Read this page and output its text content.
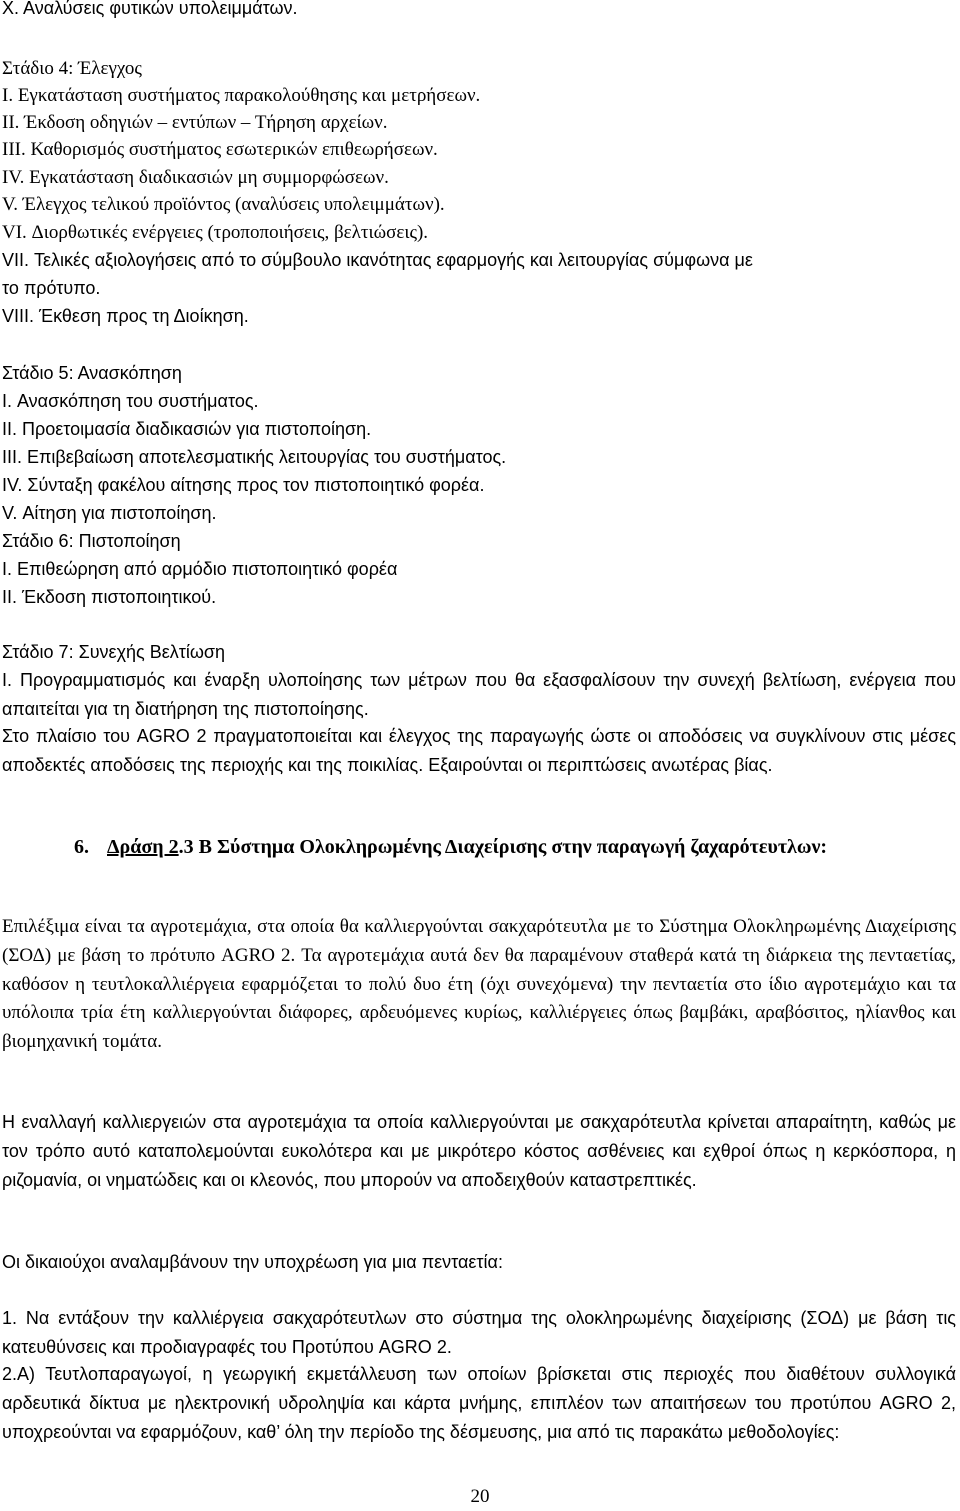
Χ. Αναλύσεις φυτικών υπολειμμάτων.

Στάδιο 4: Έλεγχος

I. Εγκατάσταση συστήματος παρακολούθησης και μετρήσεων.

II. Έκδοση οδηγιών – εντύπων – Τήρηση αρχείων.

III. Καθορισμός συστήματος εσωτερικών επιθεωρήσεων.

IV. Εγκατάσταση διαδικασιών μη συμμορφώσεων.

V. Έλεγχος τελικού προϊόντος (αναλύσεις υπολειμμάτων).

VI. Διορθωτικές ενέργειες (τροποποιήσεις, βελτιώσεις).

VII. Τελικές αξιολογήσεις από το σύμβουλο ικανότητας εφαρμογής και λειτουργίας σύμφωνα με

το πρότυπο.

VIII. Έκθεση προς τη Διοίκηση.

Στάδιο 5: Ανασκόπηση

I. Ανασκόπηση του συστήματος.

II. Προετοιμασία διαδικασιών για πιστοποίηση.

III. Επιβεβαίωση αποτελεσματικής λειτουργίας του συστήματος.

IV. Σύνταξη φακέλου αίτησης προς τον πιστοποιητικό φορέα.

V. Αίτηση για πιστοποίηση.

Στάδιο 6: Πιστοποίηση

I. Επιθεώρηση από αρμόδιο πιστοποιητικό φορέα

II. Έκδοση πιστοποιητικού.

Στάδιο 7: Συνεχής Βελτίωση

I. Προγραμματισμός και έναρξη υλοποίησης των μέτρων που θα εξασφαλίσουν την συνεχή βελτίωση, ενέργεια που απαιτείται για τη διατήρηση της πιστοποίησης.

Στο πλαίσιο του AGRO 2 πραγματοποιείται και έλεγχος της παραγωγής ώστε οι αποδόσεις να συγκλίνουν στις μέσες αποδεκτές αποδόσεις της περιοχής και της ποικιλίας. Εξαιρούνται οι περιπτώσεις ανωτέρας βίας.

6. Δράση 2.3 Β Σύστημα Ολοκληρωμένης Διαχείρισης στην παραγωγή ζαχαρότευτλων:

Επιλέξιμα είναι τα αγροτεμάχια, στα οποία θα καλλιεργούνται σακχαρότευτλα με το Σύστημα Ολοκληρωμένης Διαχείρισης (ΣΟΔ) με βάση το πρότυπο AGRO 2. Τα αγροτεμάχια αυτά δεν θα παραμένουν σταθερά κατά τη διάρκεια της πενταετίας, καθόσον η τευτλοκαλλιέργεια εφαρμόζεται το πολύ δυο έτη (όχι συνεχόμενα) την πενταετία στο ίδιο αγροτεμάχιο και τα υπόλοιπα τρία έτη καλλιεργούνται διάφορες, αρδευόμενες κυρίως, καλλιέργειες όπως βαμβάκι, αραβόσιτος, ηλίανθος και βιομηχανική τομάτα.

Η εναλλαγή καλλιεργειών στα αγροτεμάχια τα οποία καλλιεργούνται με σακχαρότευτλα κρίνεται απαραίτητη, καθώς με τον τρόπο αυτό καταπολεμούνται ευκολότερα και με μικρότερο κόστος ασθένειες και εχθροί όπως η κερκόσπορα, η ριζομανία, οι νηματώδεις και οι κλεονός, που μπορούν να αποδειχθούν καταστρεπτικές.

Οι δικαιούχοι αναλαμβάνουν την υποχρέωση για μια πενταετία:

1. Να εντάξουν την καλλιέργεια σακχαρότευτλων στο σύστημα της ολοκληρωμένης διαχείρισης (ΣΟΔ) με βάση τις κατευθύνσεις και προδιαγραφές του Προτύπου AGRO 2.

2.Α) Τευτλοπαραγωγοί, η γεωργική εκμετάλλευση των οποίων βρίσκεται στις περιοχές που διαθέτουν συλλογικά αρδευτικά δίκτυα με ηλεκτρονική υδροληψία και κάρτα μνήμης, επιπλέον των απαιτήσεων του προτύπου AGRO 2, υποχρεούνται να εφαρμόζουν, καθ’ όλη την περίοδο της δέσμευσης, μια από τις παρακάτω μεθοδολογίες:

20
